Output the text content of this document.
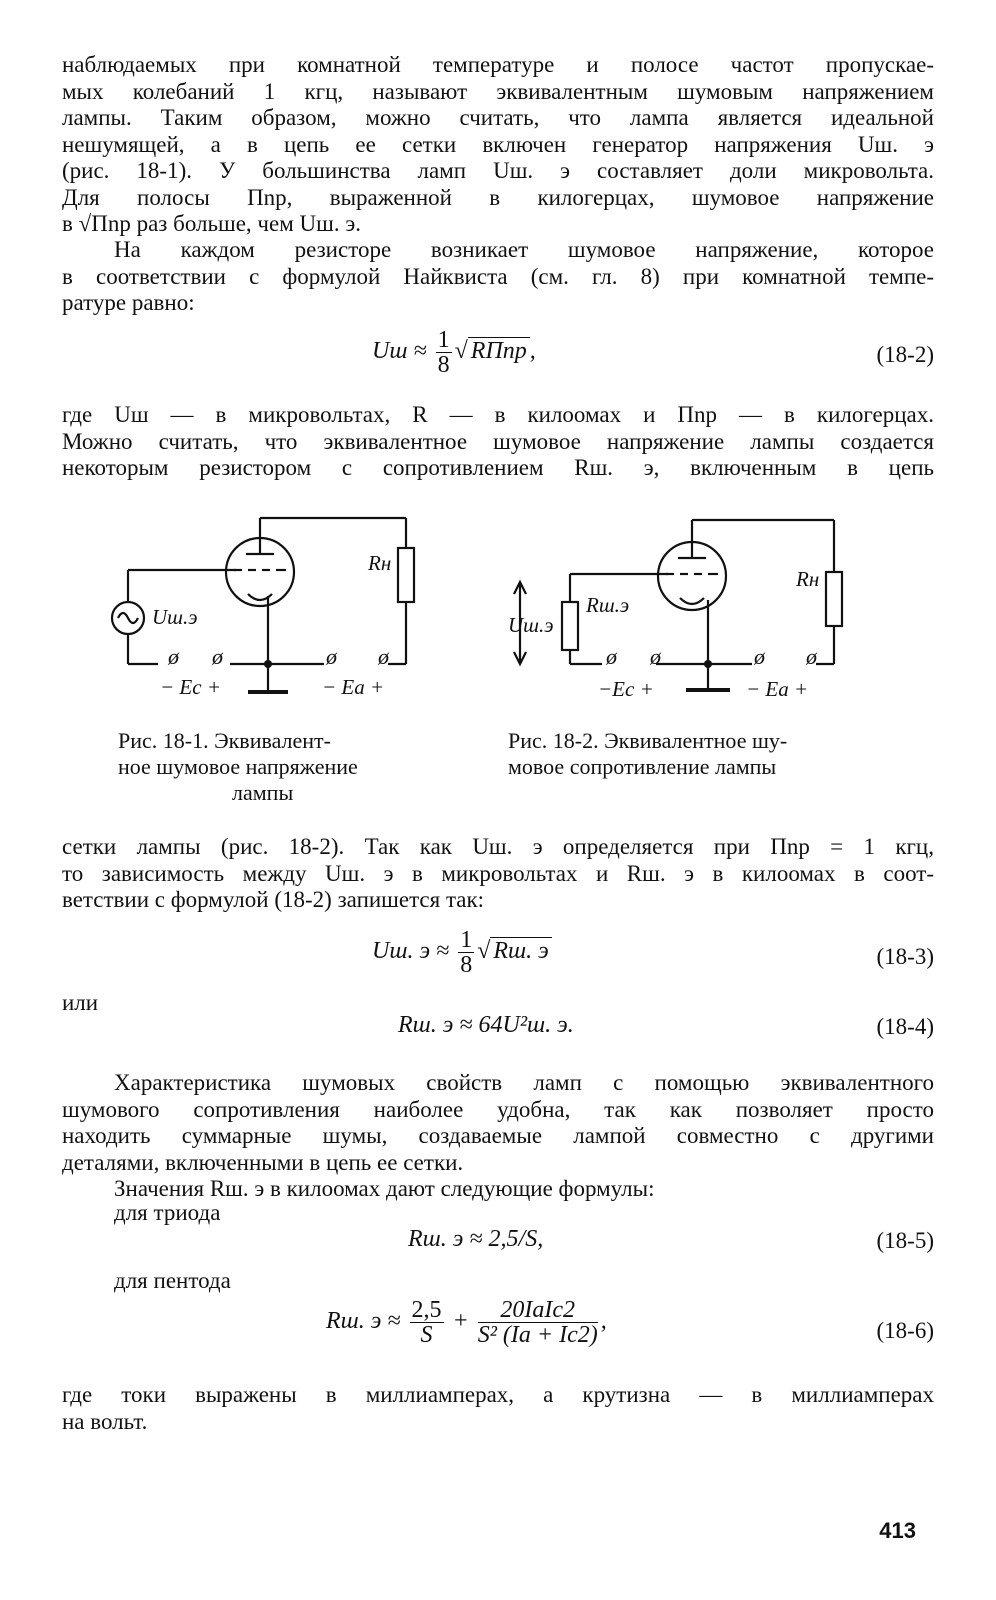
наблюдаемых при комнатной температуре и полосе частот пропускае-
мых колебаний 1 кгц, называют эквивалентным шумовым напряжением
лампы. Таким образом, можно считать, что лампа является идеальной
нешумящей, а в цепь ее сетки включен генератор напряжения Uш. э
(рис. 18-1). У большинства ламп Uш. э составляет доли микровольта.
Для полосы Пnp, выраженной в килогерцах, шумовое напряжение
в √Пnp раз больше, чем Uш. э.
На каждом резисторе возникает шумовое напряжение, которое
в соответствии с формулой Найквиста (см. гл. 8) при комнатной темпе-
ратуре равно:
Uш ≈ $\frac{1}{8}$ √ RПnp ,	(18-2)
где Uш — в микровольтах, R — в килоомах и Пnp — в килогерцах.
Можно считать, что эквивалентное шумовое напряжение лампы создается
некоторым резистором с сопротивлением Rш. э, включенным в цепь
ø ø	ø ø
Uш.э
Rн
− Ec +	− Ea +
Рис. 18-1. Эквивалент-
ное шумовое напряжение
лампы
ø ø	ø ø
Rш.э
Uш.э
Rн
−Ec +	− Ea +
Рис. 18-2. Эквивалентное шу-
мовое сопротивление лампы
сетки лампы (рис. 18-2). Так как Uш. э определяется при Пnp = 1 кгц,
то зависимость между Uш. э в микровольтах и Rш. э в килоомах в соот-
ветствии с формулой (18-2) запишется так:
Uш. $э \approx \frac{1}{8}$ √ Rш. э	(18-3)
или
Rш. э ≈ 64U²ш. э.	(18-4)
Характеристика шумовых свойств ламп с помощью эквивалентного
шумового сопротивления наиболее удобна, так как позволяет просто
находить суммарные шумы, создаваемые лампой совместно с другими
деталями, включенными в цепь ее сетки.
Значения Rш. э в килоомах дают следующие формулы:
для триода
Rш. э ≈ 2,5/S,	(18-5)
для пентода
Rш. $э \approx \frac{2,5}{S} + \frac{\text{20IaIc2}}{\text{S² (Ia + Ic2)}}$ ,	(18-6)
где токи выражены в миллиамперах, а крутизна — в миллиамперах
на вольт.
413
